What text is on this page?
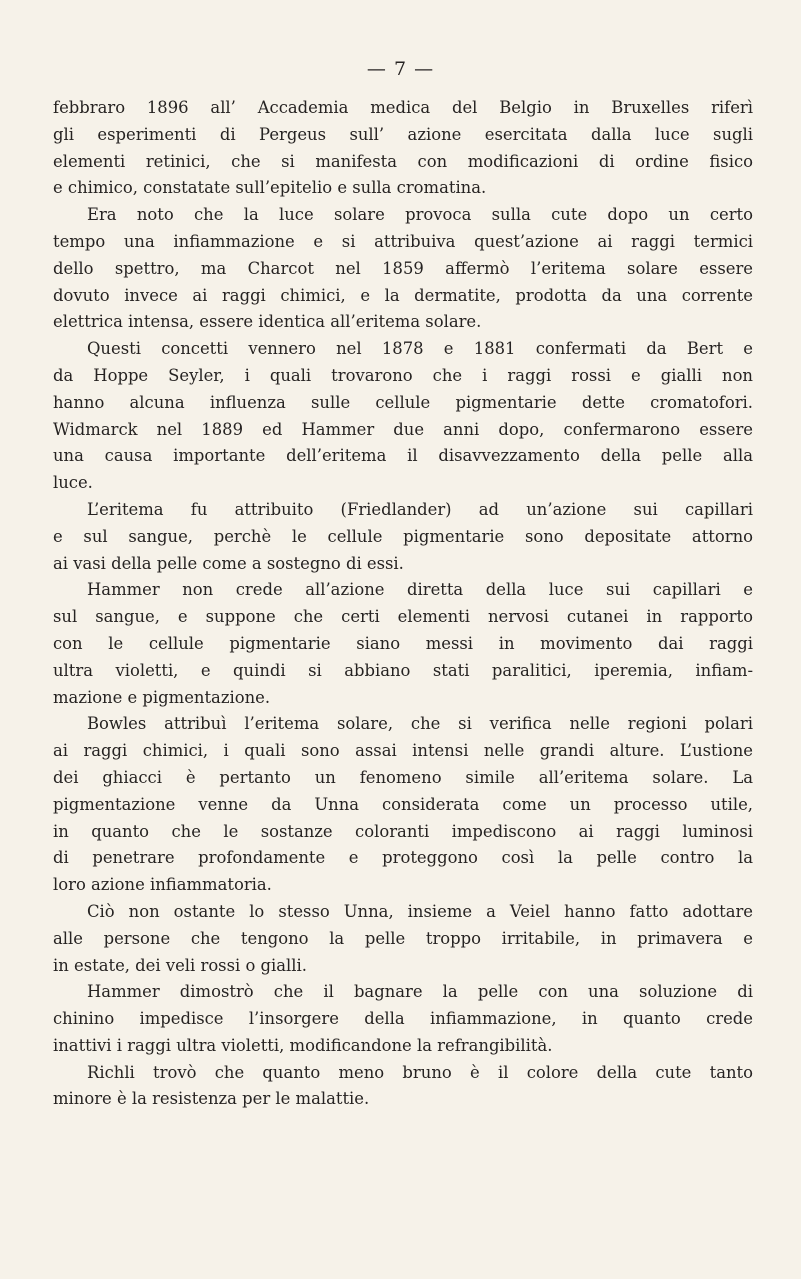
— 7 —
febbraro 1896 all’ Accademia medica del Belgio in Bruxelles riferì
gli esperimenti di Pergeus sull’ azione esercitata dalla luce sugli
elementi retinici, che si manifesta con modificazioni di ordine fisico
e chimico, constatate sull’epitelio e sulla cromatina.
Era noto che la luce solare provoca sulla cute dopo un certo
tempo una infiammazione e si attribuiva quest’azione ai raggi termici
dello spettro, ma Charcot nel 1859 affermò l’eritema solare essere
dovuto invece ai raggi chimici, e la dermatite, prodotta da una corrente
elettrica intensa, essere identica all’eritema solare.
Questi concetti vennero nel 1878 e 1881 confermati da Bert e
da Hoppe Seyler, i quali trovarono che i raggi rossi e gialli non
hanno alcuna influenza sulle cellule pigmentarie dette cromatofori.
Widmarck nel 1889 ed Hammer due anni dopo, confermarono essere
una causa importante dell’eritema il disavvezzamento della pelle alla
luce.
L’eritema fu attribuito (Friedlander) ad un’azione sui capillari
e sul sangue, perchè le cellule pigmentarie sono depositate attorno
ai vasi della pelle come a sostegno di essi.
Hammer non crede all’azione diretta della luce sui capillari e
sul sangue, e suppone che certi elementi nervosi cutanei in rapporto
con le cellule pigmentarie siano messi in movimento dai raggi
ultra violetti, e quindi si abbiano stati paralitici, iperemia, infiam-
mazione e pigmentazione.
Bowles attribuì l’eritema solare, che si verifica nelle regioni polari
ai raggi chimici, i quali sono assai intensi nelle grandi alture. L’ustione
dei ghiacci è pertanto un fenomeno simile all’eritema solare. La
pigmentazione venne da Unna considerata come un processo utile,
in quanto che le sostanze coloranti impediscono ai raggi luminosi
di penetrare profondamente e proteggono così la pelle contro la
loro azione infiammatoria.
Ciò non ostante lo stesso Unna, insieme a Veiel hanno fatto adottare
alle persone che tengono la pelle troppo irritabile, in primavera e
in estate, dei veli rossi o gialli.
Hammer dimostrò che il bagnare la pelle con una soluzione di
chinino impedisce l’insorgere della infiammazione, in quanto crede
inattivi i raggi ultra violetti, modificandone la refrangibilità.
Richli trovò che quanto meno bruno è il colore della cute tanto
minore è la resistenza per le malattie.
